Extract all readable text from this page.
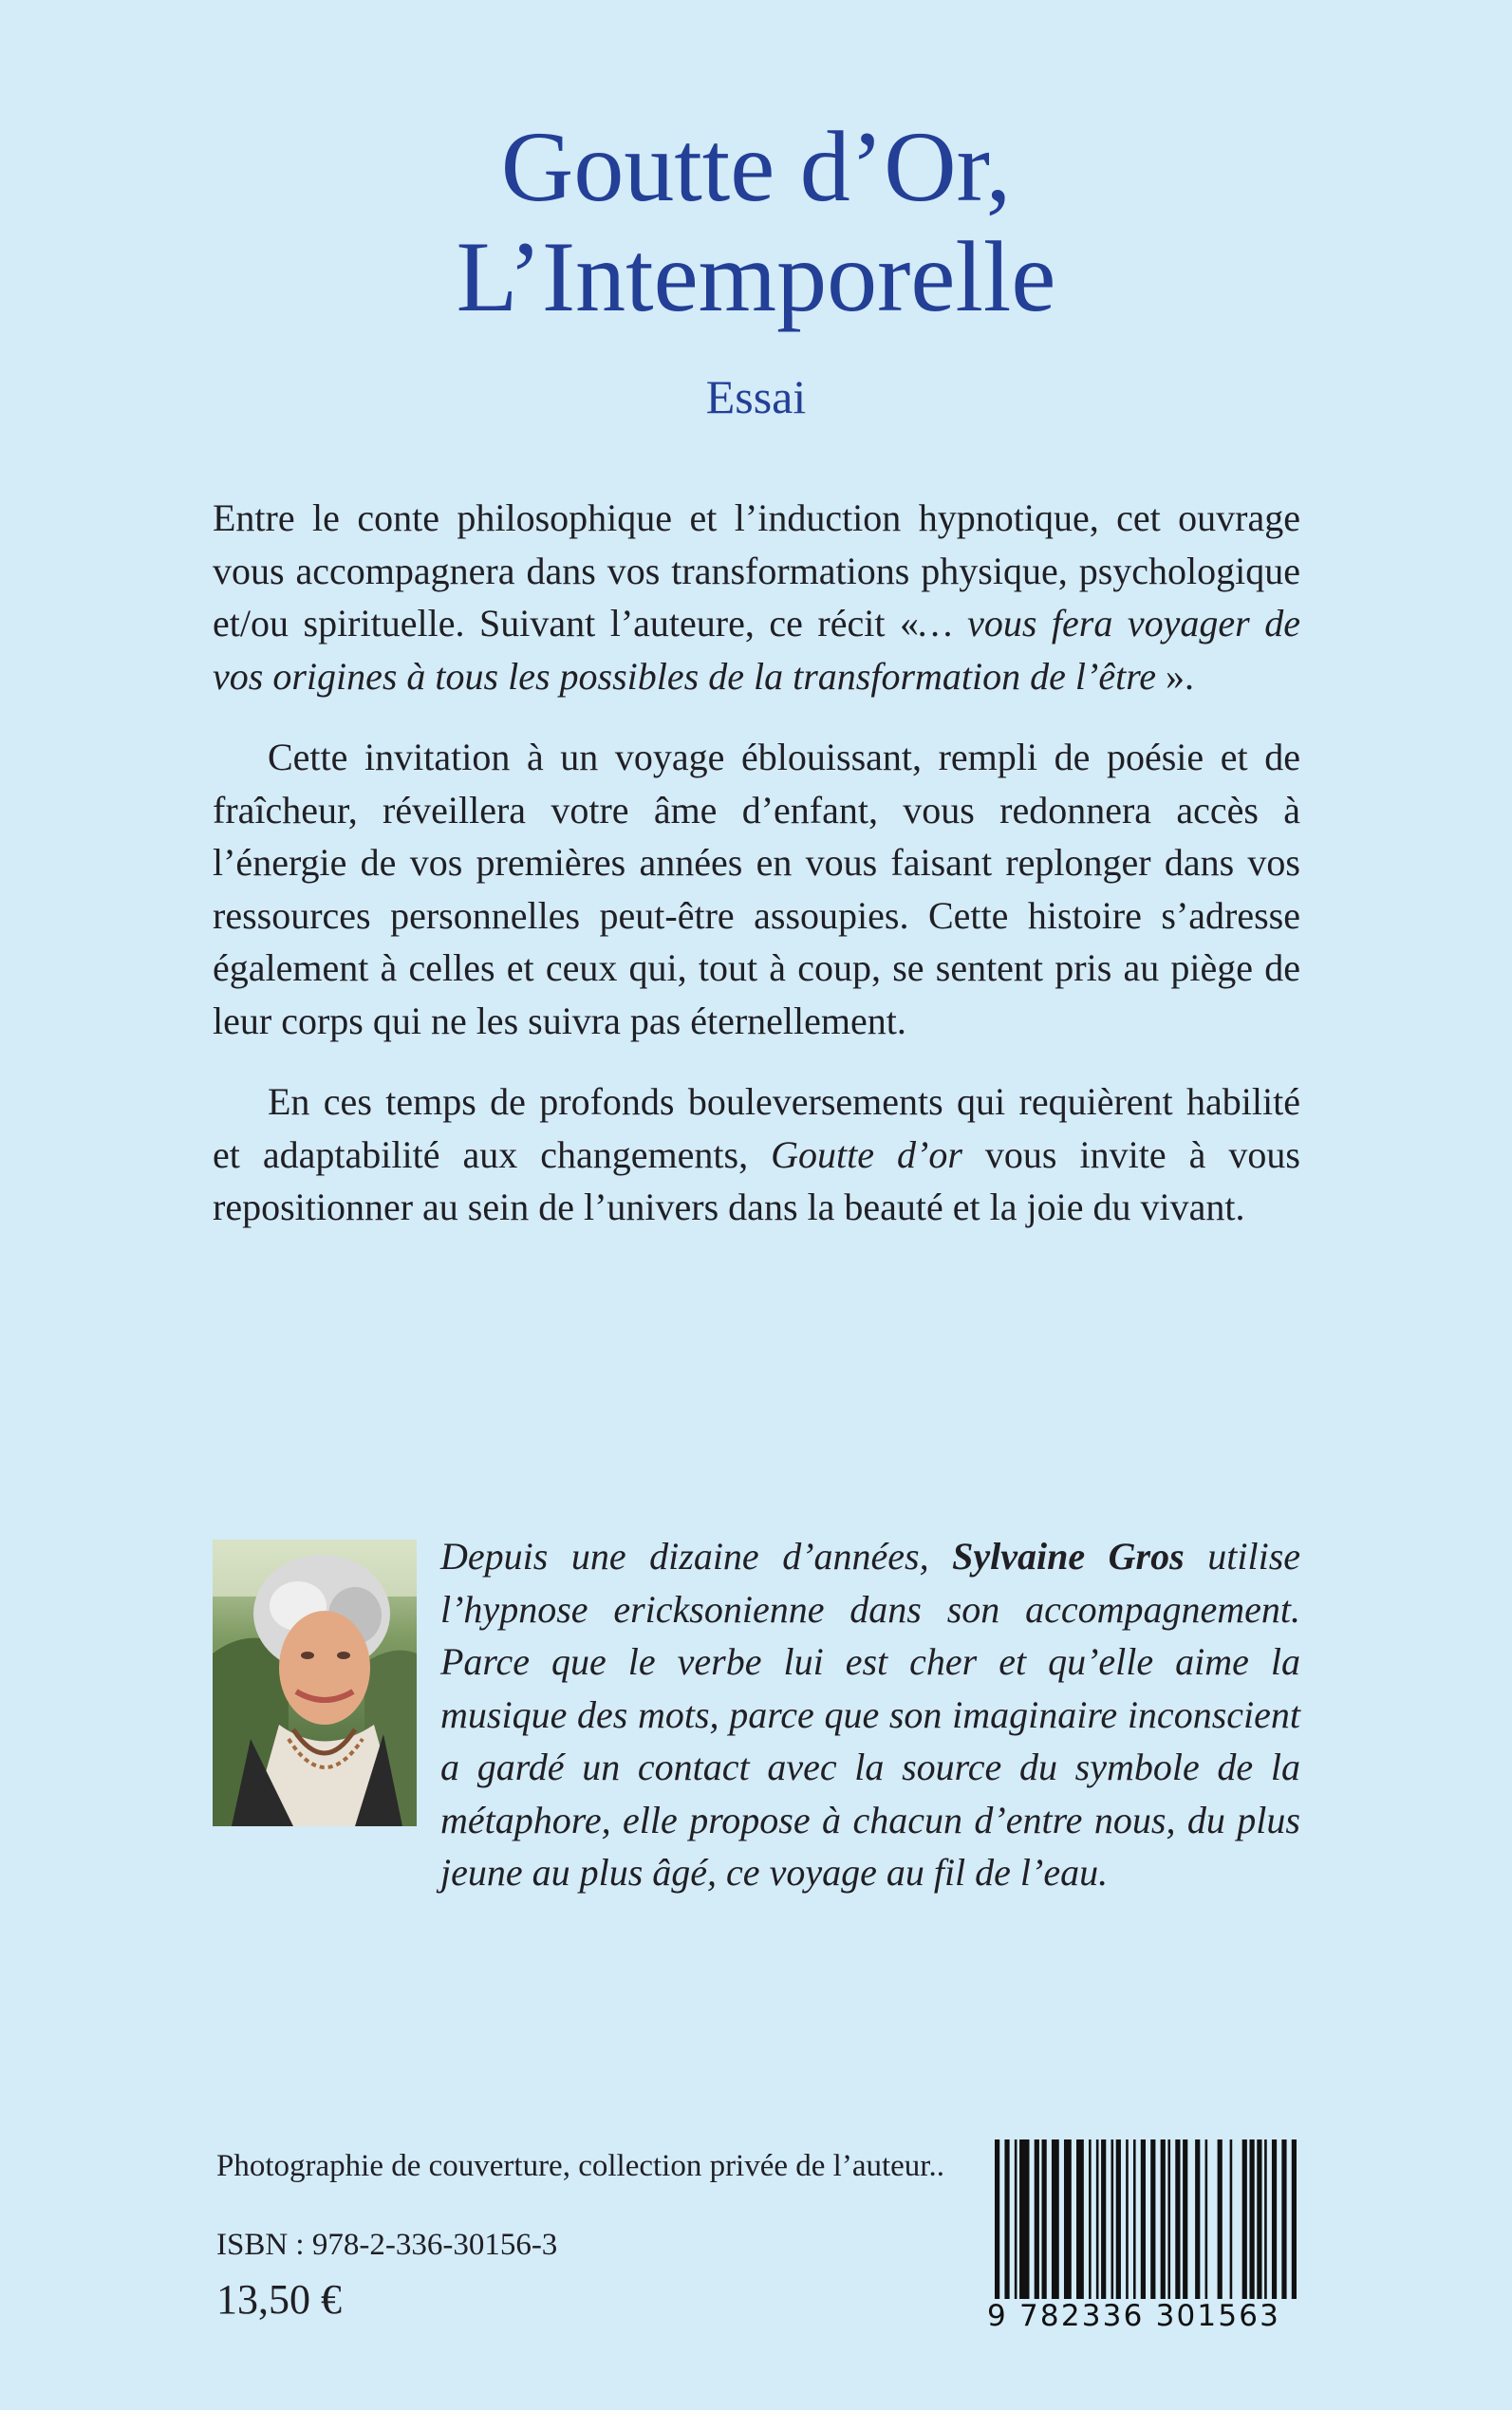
Goutte d’Or,
L’Intemporelle
Essai

Entre le conte philosophique et l’induction hypnotique, cet ouvrage vous accompagnera dans vos transformations physique, psychologique et/ou spirituelle. Suivant l’auteure, ce récit «… vous fera voyager de vos origines à tous les possibles de la transformation de l’être ».

Cette invitation à un voyage éblouissant, rempli de poésie et de fraîcheur, réveillera votre âme d’enfant, vous redonnera accès à l’énergie de vos premières années en vous faisant replonger dans vos ressources personnelles peut-être assoupies. Cette histoire s’adresse également à celles et ceux qui, tout à coup, se sentent pris au piège de leur corps qui ne les suivra pas éternellement.

En ces temps de profonds bouleversements qui requièrent habilité et adaptabilité aux changements, Goutte d’or vous invite à vous repositionner au sein de l’univers dans la beauté et la joie du vivant.

Depuis une dizaine d’années, Sylvaine Gros utilise l’hypnose ericksonienne dans son accompagnement. Parce que le verbe lui est cher et qu’elle aime la musique des mots, parce que son imaginaire inconscient a gardé un contact avec la source du symbole de la métaphore, elle propose à chacun d’entre nous, du plus jeune au plus âgé, ce voyage au fil de l’eau.
Photographie de couverture, collection privée de l’auteur..
ISBN : 978-2-336-30156-3
13,50 €	9 782336 301563
